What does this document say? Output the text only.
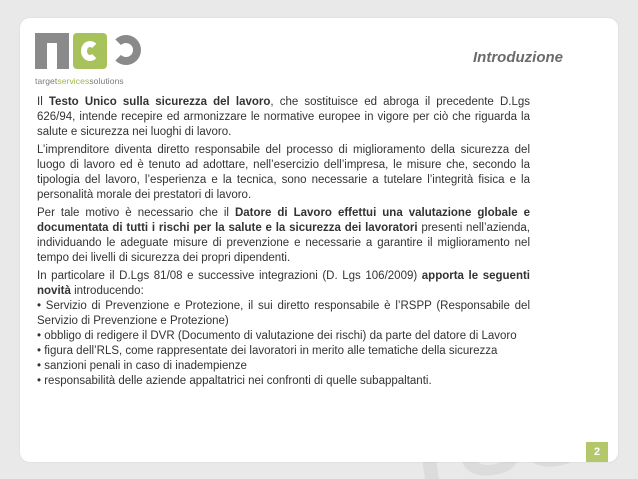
targetservicessolutions
Introduzione

Il Testo Unico sulla sicurezza del lavoro, che sostituisce ed abroga il precedente D.Lgs 626/94, intende recepire ed armonizzare le normative europee in vigore per ciò che riguarda la salute e sicurezza nei luoghi di lavoro.

L’imprenditore diventa diretto responsabile del processo di miglioramento della sicurezza del luogo di lavoro ed è tenuto ad adottare, nell’esercizio dell’impresa, le misure che, secondo la tipologia del lavoro, l’esperienza e la tecnica, sono necessarie a tutelare l’integrità fisica e la personalità morale dei prestatori di lavoro.

Per tale motivo è necessario che il Datore di Lavoro effettui una valutazione globale e documentata di tutti i rischi per la salute e la sicurezza dei lavoratori presenti nell’azienda, individuando le adeguate misure di prevenzione e necessarie a garantire il miglioramento nel tempo dei livelli di sicurezza dei propri dipendenti.

In particolare il D.Lgs 81/08 e successive integrazioni (D. Lgs 106/2009) apporta le seguenti novità introducendo:

• Servizio di Prevenzione e Protezione, il sui diretto responsabile è l’RSPP (Responsabile del Servizio di Prevenzione e Protezione)
• obbligo di redigere il DVR (Documento di valutazione dei rischi) da parte del datore di Lavoro
• figura dell’RLS, come rappresentate dei lavoratori in merito alle tematiche della sicurezza
• sanzioni penali in caso di inadempienze
• responsabilità delle aziende appaltatrici nei confronti di quelle subappaltanti.
2
